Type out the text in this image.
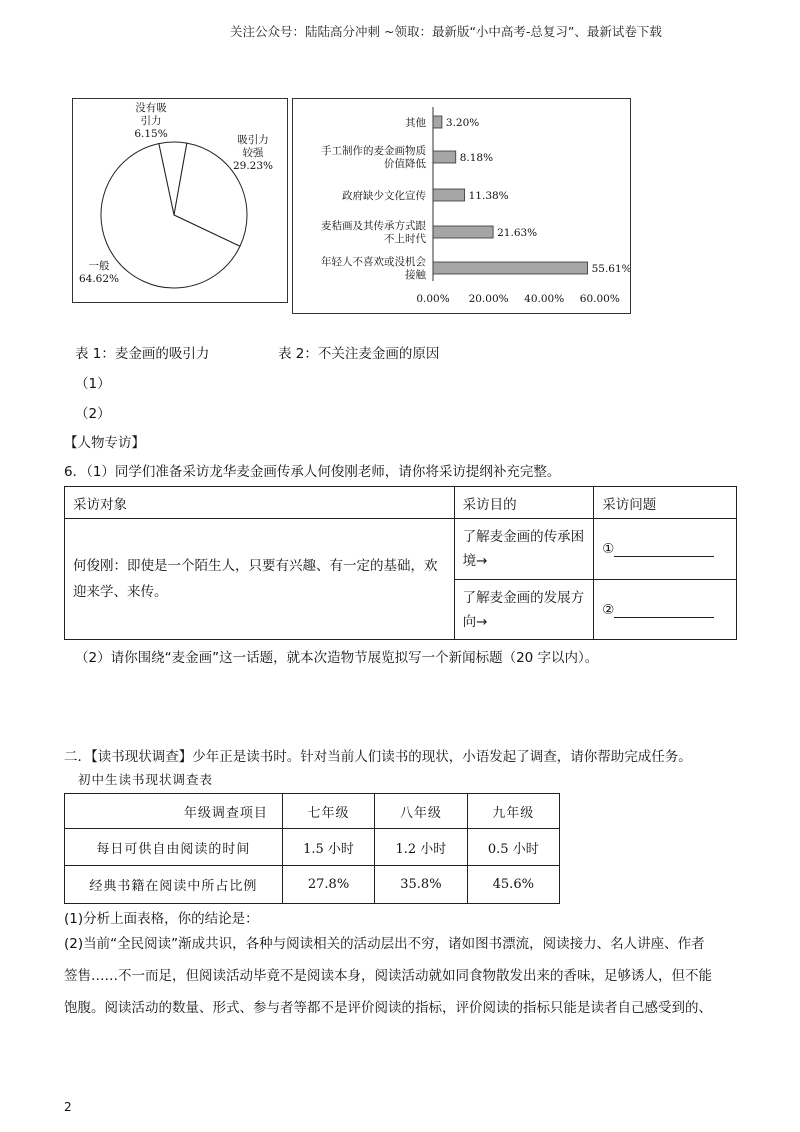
关注公众号：陆陆高分冲刺 ~领取：最新版“小中高考-总复习”、最新试卷下载
没有吸引力 6.15%	吸引力较强 29.23%
一般 64.62%
其他 3.20%
手工制作的麦金画物质价值降低	8.18%
政府缺少文化宣传	11.38%
麦秸画及其传承方式跟不上时代	21.63%
年轻人不喜欢或没机会接触	55.61%
0.00% 20.00% 40.00% 60.00%
表 1：麦金画的吸引力	表 2：不关注麦金画的原因
（1）
（2）
【人物专访】
6．（1）同学们准备采访龙华麦金画传承人何俊刚老师，请你将采访提纲补充完整。
采访对象	采访目的	采访问题
何俊刚：即使是一个陌生人，只要有兴趣、有一定的基础，欢迎来学、来传。	了解麦金画的传承困境→	①
	了解麦金画的发展方向→	②
（2）请你围绕“麦金画”这一话题，就本次造物节展览拟写一个新闻标题（20 字以内）。
二．【读书现状调查】少年正是读书时。针对当前人们读书的现状，小语发起了调查，请你帮助完成任务。
初中生读书现状调查表
年级调查项目	七年级	八年级	九年级
每日可供自由阅读的时间	1.5 小时	1.2 小时	0.5 小时
经典书籍在阅读中所占比例	27.8%	35.8%	45.6%
(1)分析上面表格，你的结论是：
(2)当前“全民阅读”渐成共识，各种与阅读相关的活动层出不穷，诸如图书漂流，阅读接力、名人讲座、作者
签售……不一而足，但阅读活动毕竟不是阅读本身，阅读活动就如同食物散发出来的香味，足够诱人，但不能
饱腹。阅读活动的数量、形式、参与者等都不是评价阅读的指标，评价阅读的指标只能是读者自己感受到的、
2
